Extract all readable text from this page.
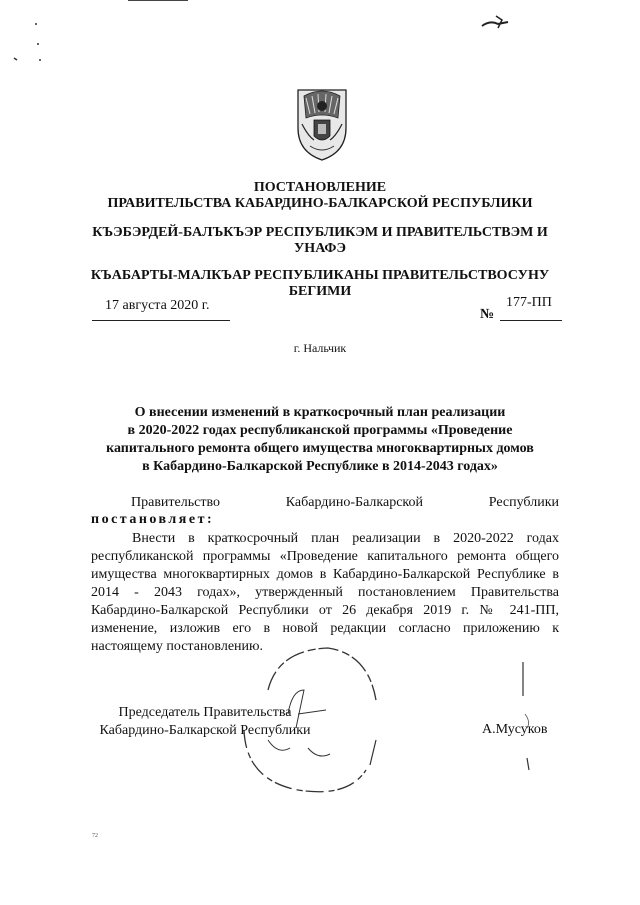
ПОСТАНОВЛЕНИЕ
ПРАВИТЕЛЬСТВА КАБАРДИНО-БАЛКАРСКОЙ РЕСПУБЛИКИ
КЪЭБЭРДЕЙ-БАЛЪКЪЭР РЕСПУБЛИКЭМ И ПРАВИТЕЛЬСТВЭМ И
УНАФЭ
КЪАБАРТЫ-МАЛКЪАР РЕСПУБЛИКАНЫ ПРАВИТЕЛЬСТВОСУНУ
БЕГИМИ
17 августа 2020 г.
№
177-ПП
г. Нальчик
О внесении изменений в краткосрочный план реализации
в 2020-2022 годах республиканской программы «Проведение
капитального ремонта общего имущества многоквартирных домов
в Кабардино-Балкарской Республике в 2014-2043 годах»
Правительство	Кабардино-Балкарской	Республики
постановляет:
Внести в краткосрочный план реализации в 2020-2022 годах республиканской программы «Проведение капитального ремонта общего имущества многоквартирных домов в Кабардино-Балкарской Республике в 2014 - 2043 годах», утвержденный постановлением Правительства Кабардино-Балкарской Республики от 26 декабря 2019 г. № 241-ПП, изменение, изложив его в новой редакции согласно приложению к настоящему постановлению.
Председатель Правительства
Кабардино-Балкарской Республики	А.Мусуков
72
